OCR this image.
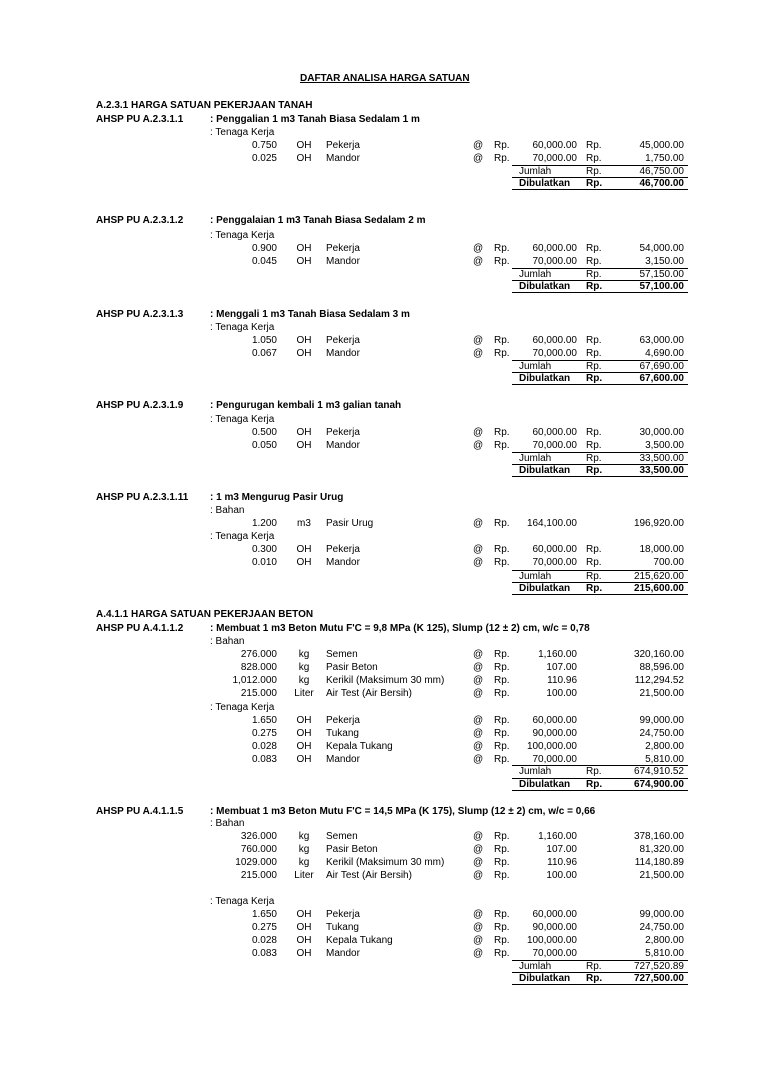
DAFTAR ANALISA HARGA SATUAN
A.2.3.1 HARGA SATUAN PEKERJAAN TANAH
AHSP PU A.2.3.1.1	: Penggalian 1 m3 Tanah Biasa Sedalam 1 m
: Tenaga Kerja
0.750	OH	Pekerja	@ Rp.	60,000.00 Rp.	45,000.00
0.025	OH	Mandor	@ Rp.	70,000.00 Rp.	1,750.00
Jumlah	Rp.	46,750.00
Dibulatkan Rp.	46,700.00
AHSP PU A.2.3.1.2	: Penggalaian 1 m3 Tanah Biasa Sedalam 2 m
: Tenaga Kerja
0.900	OH	Pekerja	@ Rp.	60,000.00 Rp.	54,000.00
0.045	OH	Mandor	@ Rp.	70,000.00 Rp.	3,150.00
Jumlah	Rp.	57,150.00
Dibulatkan Rp.	57,100.00
AHSP PU A.2.3.1.3	: Menggali 1 m3 Tanah Biasa Sedalam 3 m
: Tenaga Kerja
1.050	OH	Pekerja	@ Rp.	60,000.00 Rp.	63,000.00
0.067	OH	Mandor	@ Rp.	70,000.00 Rp.	4,690.00
Jumlah	Rp.	67,690.00
Dibulatkan Rp.	67,600.00
AHSP PU A.2.3.1.9	: Pengurugan kembali 1 m3 galian tanah
: Tenaga Kerja
0.500	OH	Pekerja	@ Rp.	60,000.00 Rp.	30,000.00
0.050	OH	Mandor	@ Rp.	70,000.00 Rp.	3,500.00
Jumlah	Rp.	33,500.00
Dibulatkan Rp.	33,500.00
AHSP PU A.2.3.1.11 : 1 m3 Mengurug Pasir Urug
: Bahan
1.200	m3	Pasir Urug	@ Rp.	164,100.00	196,920.00
: Tenaga Kerja
0.300	OH	Pekerja	@ Rp.	60,000.00 Rp.	18,000.00
0.010	OH	Mandor	@ Rp.	70,000.00 Rp.	700.00
Jumlah	Rp.	215,620.00
Dibulatkan Rp.	215,600.00
A.4.1.1 HARGA SATUAN PEKERJAAN BETON
AHSP PU A.4.1.1.2	: Membuat 1 m3 Beton Mutu F'C = 9,8 MPa (K 125), Slump (12 ± 2) cm, w/c = 0,78
: Bahan
276.000	kg	Semen	@ Rp.	1,160.00	320,160.00
828.000	kg	Pasir Beton	@ Rp.	107.00	88,596.00
1,012.000	kg	Kerikil (Maksimum 30 mm)	@ Rp.	110.96	112,294.52
215.000	Liter	Air Test (Air Bersih)	@ Rp.	100.00	21,500.00
: Tenaga Kerja
1.650	OH	Pekerja	@ Rp.	60,000.00	99,000.00
0.275	OH	Tukang	@ Rp.	90,000.00	24,750.00
0.028	OH	Kepala Tukang	@ Rp.	100,000.00	2,800.00
0.083	OH	Mandor	@ Rp.	70,000.00	5,810.00
Jumlah	Rp.	674,910.52
Dibulatkan Rp.	674,900.00
AHSP PU A.4.1.1.5	: Membuat 1 m3 Beton Mutu F'C = 14,5 MPa (K 175), Slump (12 ± 2) cm, w/c = 0,66
: Bahan
326.000	kg	Semen	@ Rp.	1,160.00	378,160.00
760.000	kg	Pasir Beton	@ Rp.	107.00	81,320.00
1029.000	kg	Kerikil (Maksimum 30 mm)	@ Rp.	110.96	114,180.89
215.000	Liter	Air Test (Air Bersih)	@ Rp.	100.00	21,500.00
: Tenaga Kerja
1.650	OH	Pekerja	@ Rp.	60,000.00	99,000.00
0.275	OH	Tukang	@ Rp.	90,000.00	24,750.00
0.028	OH	Kepala Tukang	@ Rp.	100,000.00	2,800.00
0.083	OH	Mandor	@ Rp.	70,000.00	5,810.00
Jumlah	Rp.	727,520.89
Dibulatkan Rp.	727,500.00
